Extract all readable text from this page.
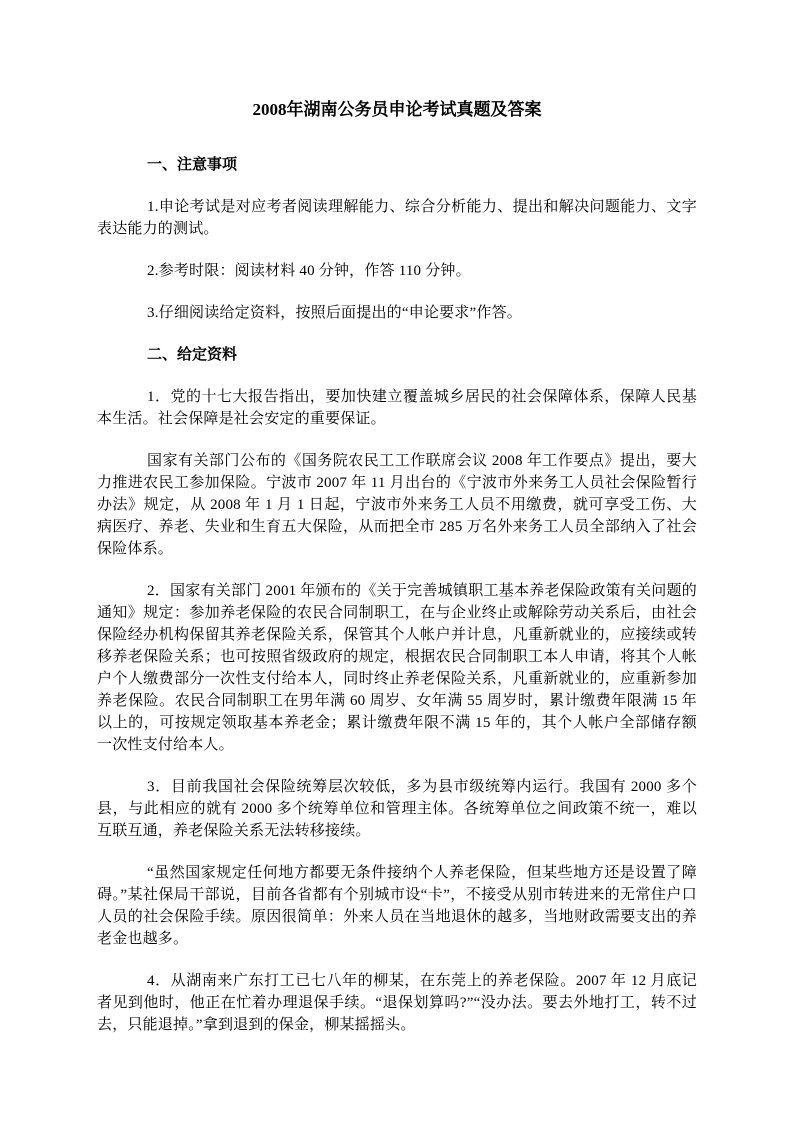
2008年湖南公务员申论考试真题及答案
一、注意事项

1.申论考试是对应考者阅读理解能力、综合分析能力、提出和解决问题能力、文字表达能力的测试。

2.参考时限：阅读材料 40 分钟，作答 110 分钟。

3.仔细阅读给定资料，按照后面提出的“申论要求”作答。

二、给定资料

1．党的十七大报告指出，要加快建立覆盖城乡居民的社会保障体系，保障人民基本生活。社会保障是社会安定的重要保证。

国家有关部门公布的《国务院农民工工作联席会议 2008 年工作要点》提出，要大力推进农民工参加保险。宁波市 2007 年 11 月出台的《宁波市外来务工人员社会保险暂行办法》规定，从 2008 年 1 月 1 日起，宁波市外来务工人员不用缴费，就可享受工伤、大病医疗、养老、失业和生育五大保险，从而把全市 285 万名外来务工人员全部纳入了社会保险体系。

2．国家有关部门 2001 年颁布的《关于完善城镇职工基本养老保险政策有关问题的通知》规定：参加养老保险的农民合同制职工，在与企业终止或解除劳动关系后，由社会保险经办机构保留其养老保险关系，保管其个人帐户并计息，凡重新就业的，应接续或转移养老保险关系；也可按照省级政府的规定，根据农民合同制职工本人申请，将其个人帐户个人缴费部分一次性支付给本人，同时终止养老保险关系，凡重新就业的，应重新参加养老保险。农民合同制职工在男年满 60 周岁、女年满 55 周岁时，累计缴费年限满 15 年以上的，可按规定领取基本养老金；累计缴费年限不满 15 年的，其个人帐户全部储存额一次性支付给本人。

3．目前我国社会保险统筹层次较低，多为县市级统筹内运行。我国有 2000 多个县，与此相应的就有 2000 多个统筹单位和管理主体。各统筹单位之间政策不统一，难以互联互通，养老保险关系无法转移接续。

“虽然国家规定任何地方都要无条件接纳个人养老保险，但某些地方还是设置了障碍。”某社保局干部说，目前各省都有个别城市设“卡”，不接受从别市转进来的无常住户口人员的社会保险手续。原因很简单：外来人员在当地退休的越多，当地财政需要支出的养老金也越多。

4．从湖南来广东打工已七八年的柳某，在东莞上的养老保险。2007 年 12 月底记者见到他时，他正在忙着办理退保手续。“退保划算吗?”“没办法。要去外地打工，转不过去，只能退掉。”拿到退到的保金，柳某摇摇头。
